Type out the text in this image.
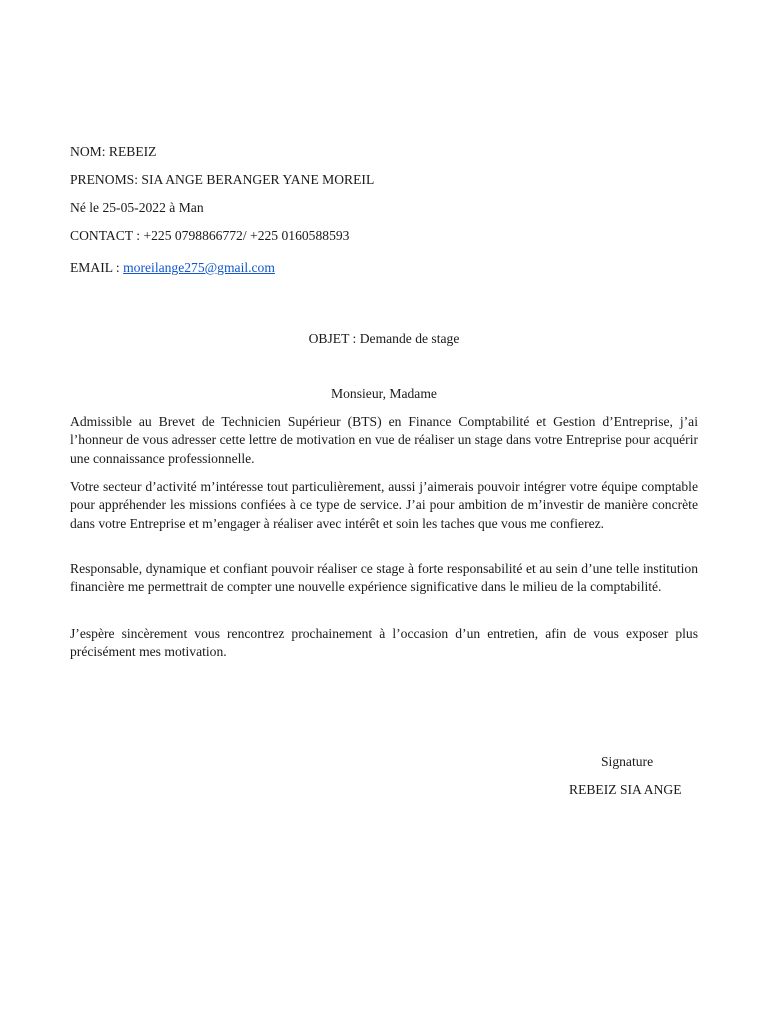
NOM: REBEIZ
PRENOMS: SIA ANGE BERANGER YANE MOREIL
Né le 25-05-2022 à Man
CONTACT : +225 0798866772/ +225 0160588593
EMAIL : moreilange275@gmail.com
OBJET : Demande de stage
Monsieur, Madame

Admissible au Brevet de Technicien Supérieur (BTS) en Finance Comptabilité et Gestion d’Entreprise, j’ai l’honneur de vous adresser cette lettre de motivation en vue de réaliser un stage dans votre Entreprise pour acquérir une connaissance professionnelle.

Votre secteur d’activité m’intéresse tout particulièrement, aussi j’aimerais pouvoir intégrer votre équipe comptable pour appréhender les missions confiées à ce type de service. J’ai pour ambition de m’investir de manière concrète dans votre Entreprise et m’engager à réaliser avec intérêt et soin les taches que vous me confierez.

Responsable, dynamique et confiant pouvoir réaliser ce stage à forte responsabilité et au sein d’une telle institution financière me permettrait de compter une nouvelle expérience significative dans le milieu de la comptabilité.

J’espère sincèrement vous rencontrez prochainement à l’occasion d’un entretien, afin de vous exposer plus précisément mes motivation.

Signature
REBEIZ SIA ANGE
